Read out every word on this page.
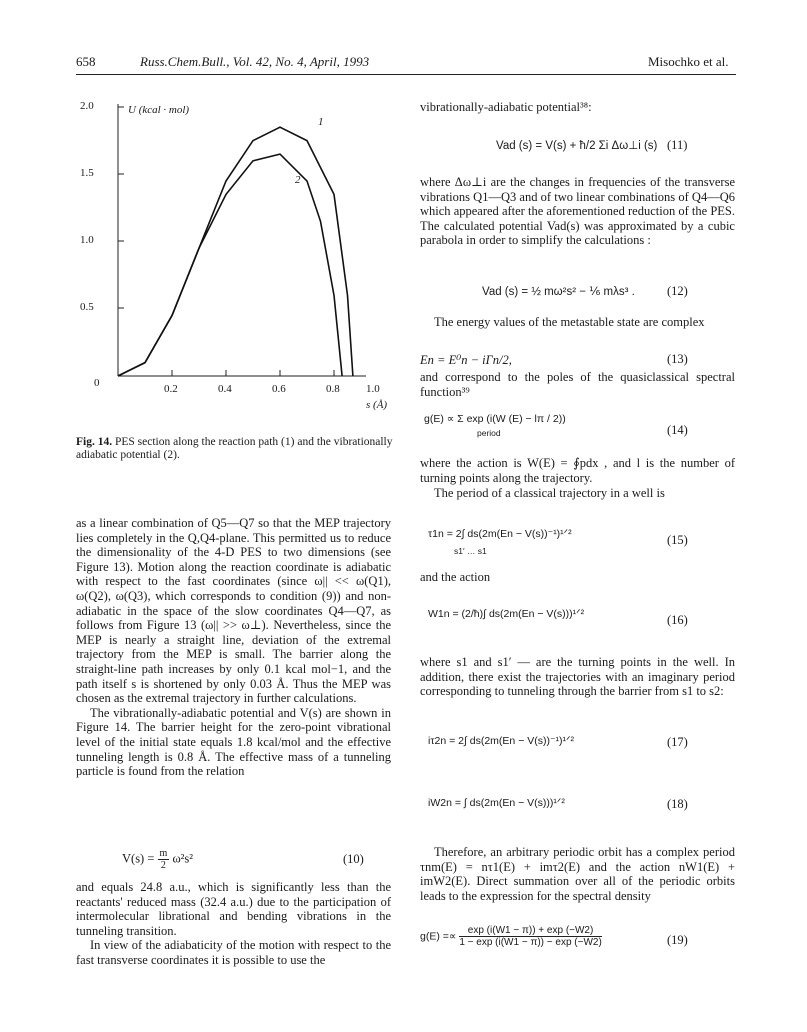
658	Russ.Chem.Bull., Vol. 42, No. 4, April, 1993	Misochko et al.
U (kcal · mol)
2.0
1.5
1.0
0.5
0	0.2	0.4	0.6	0.8 1.0
s (Å)
1
2
Fig. 14. PES section along the reaction path (1) and the vibrationally adiabatic potential (2).

as a linear combination of Q5—Q7 so that the MEP trajectory lies completely in the Q,Q4-plane. This permitted us to reduce the dimensionality of the 4-D PES to two dimensions (see Figure 13). Motion along the reaction coordinate is adiabatic with respect to the fast coordinates (since ω|| << ω(Q1), ω(Q2), ω(Q3), which corresponds to condition (9)) and non-adiabatic in the space of the slow coordinates Q4—Q7, as follows from Figure 13 (ω|| >> ω⊥). Nevertheless, since the MEP is nearly a straight line, deviation of the extremal trajectory from the MEP is small. The barrier along the straight-line path increases by only 0.1 kcal mol−1, and the path itself s is shortened by only 0.03 Å. Thus the MEP was chosen as the extremal trajectory in further calculations.

The vibrationally-adiabatic potential and V(s) are shown in Figure 14. The barrier height for the zero-point vibrational level of the initial state equals 1.8 kcal/mol and the effective tunneling length is 0.8 Å. The effective mass of a tunneling particle is found from the relation

$V(s) = \frac{m}{2} \omega^2s^2$	(10)

and equals 24.8 a.u., which is significantly less than the reactants' reduced mass (32.4 a.u.) due to the participation of intermolecular librational and bending vibrations in the tunneling transition.

In view of the adiabaticity of the motion with respect to the fast transverse coordinates it is possible to use the

vibrationally-adiabatic potential³⁸:
Vad (s) = V(s) + ħ/2 Σi Δω⊥i (s) (11)
where Δω⊥i are the changes in frequencies of the transverse vibrations Q1—Q3 and of two linear combinations of Q4—Q6 which appeared after the aforementioned reduction of the PES. The calculated potential Vad(s) was approximated by a cubic parabola in order to simplify the calculations :
Vad (s) = ½ mω²s² − ⅙ mλs³ .	(12)
The energy values of the metastable state are complex
En = E⁰n − iΓn/2,	(13)
and correspond to the poles of the quasiclassical spectral function³⁹
g(E) ∝ Σ exp (i(W (E) − lπ / 2))
period	(14)
where the action is W(E) = ∮pdx , and l is the number of turning points along the trajectory.
The period of a classical trajectory in a well is
τ1n = 2∫ ds(2m(En − V(s))⁻¹)¹ᐟ²
s1′ … s1
(15)
and the action
W1n = (2/ħ)∫ ds(2m(En − V(s)))¹ᐟ²	(16)
where s1 and s1′ — are the turning points in the well. In addition, there exist the trajectories with an imaginary period corresponding to tunneling through the barrier from s1 to s2:
iτ2n = 2∫ ds(2m(En − V(s))⁻¹)¹ᐟ²	(17)
iW2n = ∫ ds(2m(En − V(s)))¹ᐟ²	(18)
Therefore, an arbitrary periodic orbit has a complex period τnm(E) = nτ1(E) + imτ2(E) and the action nW1(E) + imW2(E). Direct summation over all of the periodic orbits leads to the expression for the spectral density
$g(E) =\propto \frac{\exp (i(W1 - \pi)) + \exp (-W2)}{1 - \exp (i(W1 - \pi)) - \exp (-W2)}$	(19)
